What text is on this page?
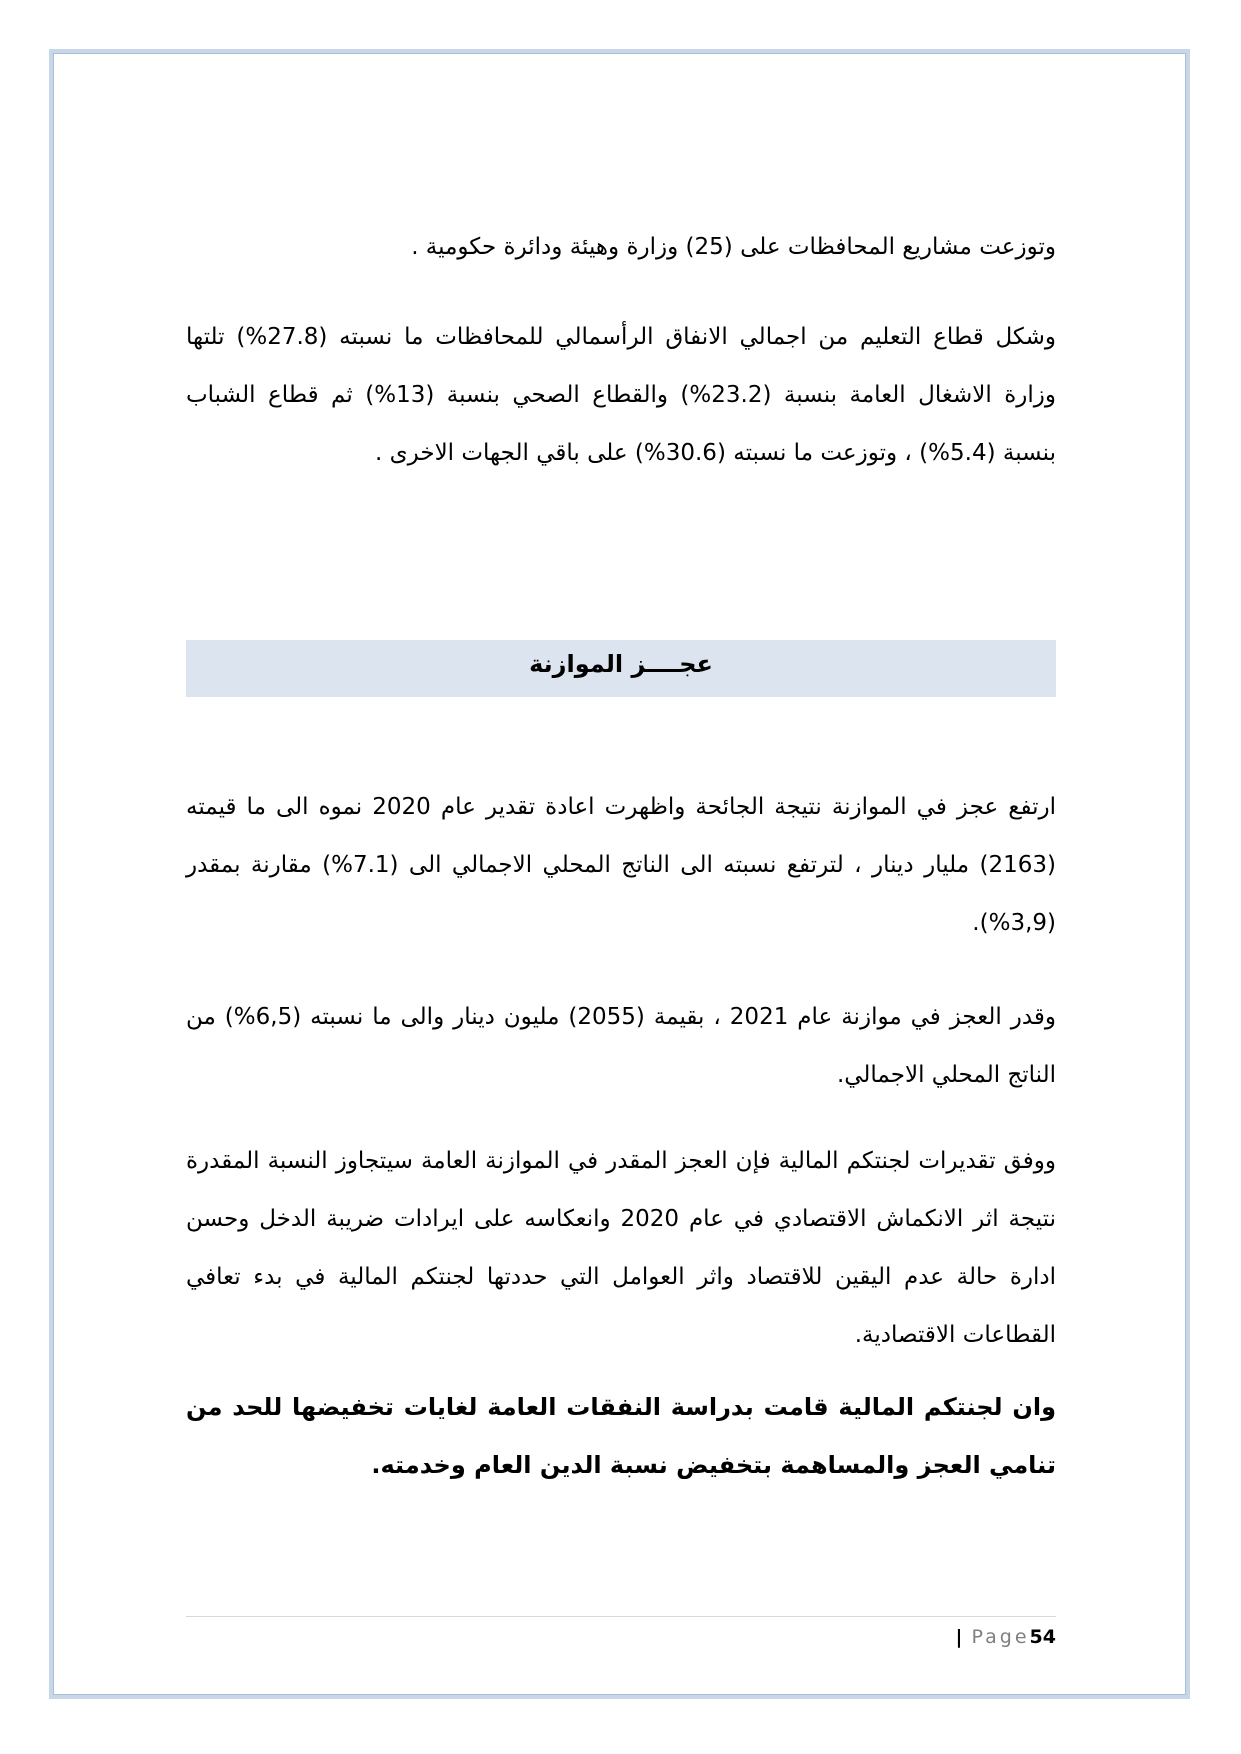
وتوزعت مشاريع المحافظات على (25) وزارة وهيئة ودائرة حكومية .

وشكل قطاع التعليم من اجمالي الانفاق الرأسمالي للمحافظات ما نسبته (27.8%) تلتها وزارة الاشغال العامة بنسبة (23.2%) والقطاع الصحي بنسبة (13%) ثم قطاع الشباب بنسبة (5.4%) ، وتوزعت ما نسبته (30.6%) على باقي الجهات الاخرى .

عجــــز الموازنة

ارتفع عجز في الموازنة نتيجة الجائحة واظهرت اعادة تقدير عام 2020 نموه الى ما قيمته (2163) مليار دينار ، لترتفع نسبته الى الناتج المحلي الاجمالي الى (7.1%) مقارنة بمقدر (3,9%).

وقدر العجز في موازنة عام 2021 ، بقيمة (2055) مليون دينار والى ما نسبته (6,5%) من الناتج المحلي الاجمالي.

ووفق تقديرات لجنتكم المالية فإن العجز المقدر في الموازنة العامة سيتجاوز النسبة المقدرة نتيجة اثر الانكماش الاقتصادي في عام 2020 وانعكاسه على ايرادات ضريبة الدخل وحسن ادارة حالة عدم اليقين للاقتصاد واثر العوامل التي حددتها لجنتكم المالية في بدء تعافي القطاعات الاقتصادية.

وان لجنتكم المالية قامت بدراسة النفقات العامة لغايات تخفيضها للحد من تنامي العجز والمساهمة بتخفيض نسبة الدين العام وخدمته.

| Page54
